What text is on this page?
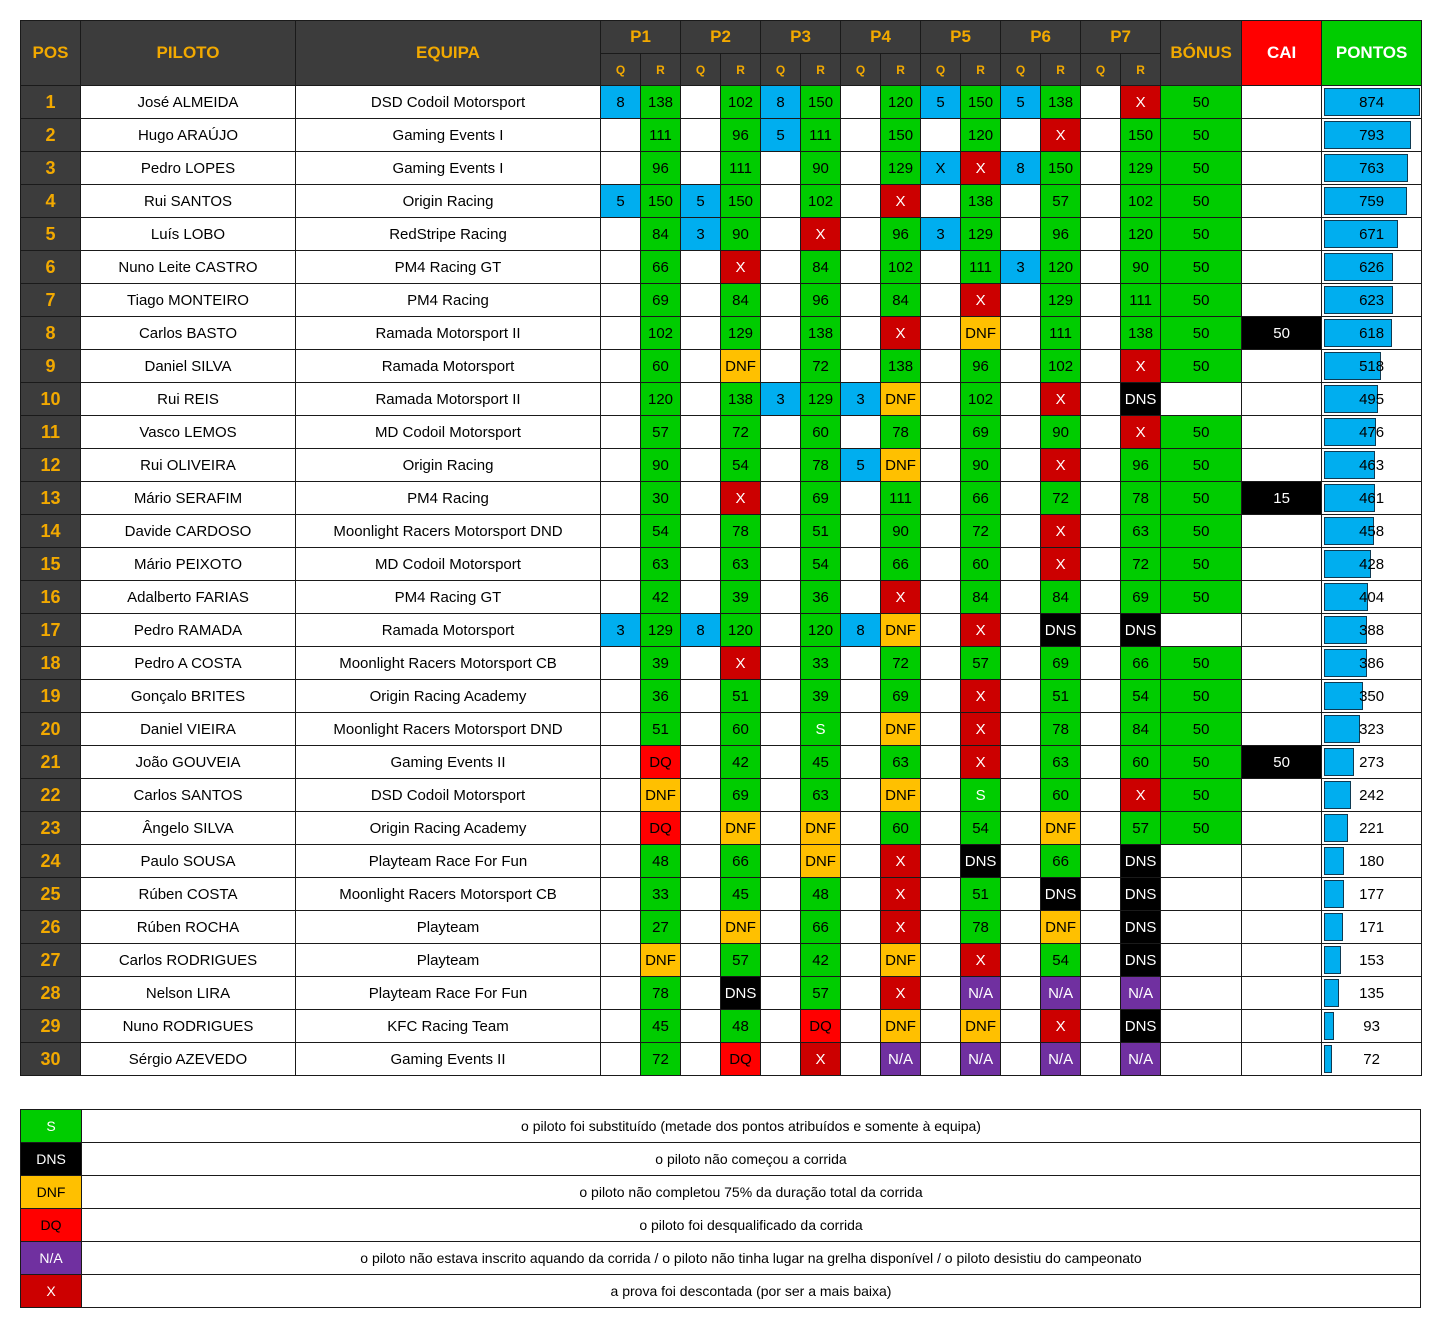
POS	PILOTO	EQUIPA	P1		P2		P3		P4		P5		P6		P7		BÓNUS	CAI	PONTOS
			Q	R	Q	R	Q	R	Q	R	Q	R	Q	R	Q	R			
1	José ALMEIDA	DSD Codoil Motorsport	8	138		102	8	150		120	5	150	5	138		X	50		874
2	Hugo ARAÚJO	Gaming Events I		111		96	5	111		150		120		X		150	50		793
3	Pedro LOPES	Gaming Events I		96		111		90		129	X	X	8	150		129	50		763
4	Rui SANTOS	Origin Racing	5	150	5	150		102		X		138		57		102	50		759
5	Luís LOBO	RedStripe Racing		84	3	90		X		96	3	129		96		120	50		671
6	Nuno Leite CASTRO	PM4 Racing GT		66		X		84		102		111	3	120		90	50		626
7	Tiago MONTEIRO	PM4 Racing		69		84		96		84		X		129		111	50		623
8	Carlos BASTO	Ramada Motorsport II		102		129		138		X		DNF		111		138	50	50	618
9	Daniel SILVA	Ramada Motorsport		60		DNF		72		138		96		102		X	50		518
10	Rui REIS	Ramada Motorsport II		120		138	3	129	3	DNF		102		X		DNS			495
11	Vasco LEMOS	MD Codoil Motorsport		57		72		60		78		69		90		X	50		476
12	Rui OLIVEIRA	Origin Racing		90		54		78	5	DNF		90		X		96	50		463
13	Mário SERAFIM	PM4 Racing		30		X		69		111		66		72		78	50	15	461
14	Davide CARDOSO	Moonlight Racers Motorsport DND		54		78		51		90		72		X		63	50		458
15	Mário PEIXOTO	MD Codoil Motorsport		63		63		54		66		60		X		72	50		428
16	Adalberto FARIAS	PM4 Racing GT		42		39		36		X		84		84		69	50		404
17	Pedro RAMADA	Ramada Motorsport	3	129	8	120		120	8	DNF		X		DNS		DNS			388
18	Pedro A COSTA	Moonlight Racers Motorsport CB		39		X		33		72		57		69		66	50		386
19	Gonçalo BRITES	Origin Racing Academy		36		51		39		69		X		51		54	50		350
20	Daniel VIEIRA	Moonlight Racers Motorsport DND		51		60		S		DNF		X		78		84	50		323
21	João GOUVEIA	Gaming Events II		DQ		42		45		63		X		63		60	50	50	273
22	Carlos SANTOS	DSD Codoil Motorsport		DNF		69		63		DNF		S		60		X	50		242
23	Ângelo SILVA	Origin Racing Academy		DQ		DNF		DNF		60		54		DNF		57	50		221
24	Paulo SOUSA	Playteam Race For Fun		48		66		DNF		X		DNS		66		DNS			180
25	Rúben COSTA	Moonlight Racers Motorsport CB		33		45		48		X		51		DNS		DNS			177
26	Rúben ROCHA	Playteam		27		DNF		66		X		78		DNF		DNS			171
27	Carlos RODRIGUES	Playteam		DNF		57		42		DNF		X		54		DNS			153
28	Nelson LIRA	Playteam Race For Fun		78		DNS		57		X		N/A		N/A		N/A			135
29	Nuno RODRIGUES	KFC Racing Team		45		48		DQ		DNF		DNF		X		DNS			93
30	Sérgio AZEVEDO	Gaming Events II		72		DQ		X		N/A		N/A		N/A		N/A			72
S	o piloto foi substituído (metade dos pontos atribuídos e somente à equipa)
DNS	o piloto não começou a corrida
DNF	o piloto não completou 75% da duração total da corrida
DQ	o piloto foi desqualificado da corrida
N/A	o piloto não estava inscrito aquando da corrida / o piloto não tinha lugar na grelha disponível / o piloto desistiu do campeonato
X	a prova foi descontada (por ser a mais baixa)
